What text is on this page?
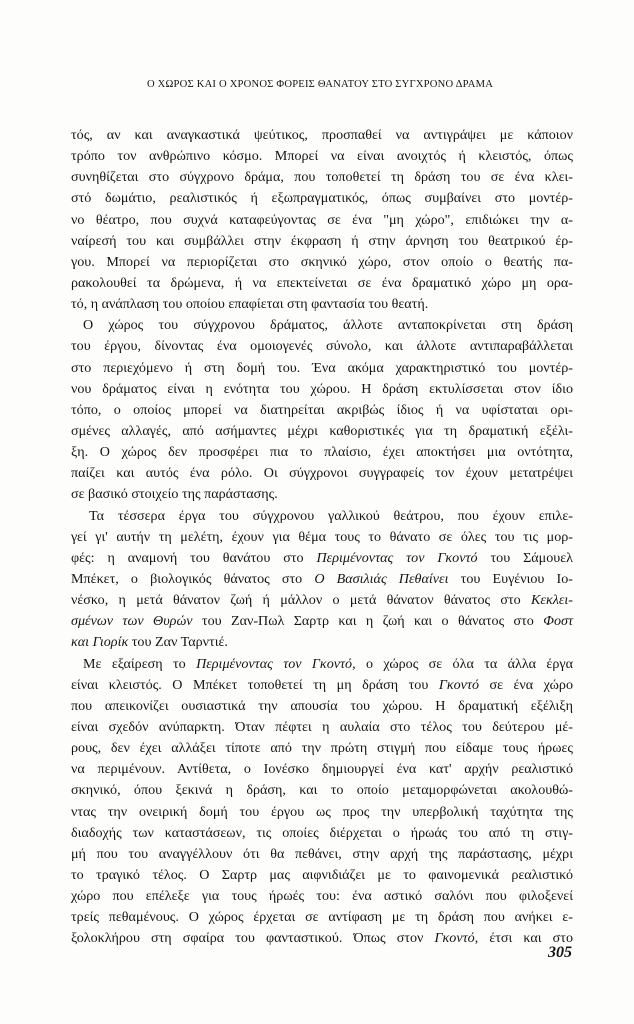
Ο ΧΩΡΟΣ ΚΑΙ Ο ΧΡΟΝΟΣ ΦΟΡΕΙΣ ΘΑΝΑΤΟΥ ΣΤΟ ΣΥΓΧΡΟΝΟ ΔΡΑΜΑ
τός, αν και αναγκαστικά ψεύτικος, προσπαθεί να αντιγράψει με κάποιον
τρόπο τον ανθρώπινο κόσμο. Μπορεί να είναι ανοιχτός ή κλειστός, όπως
συνηθίζεται στο σύγχρονο δράμα, που τοποθετεί τη δράση του σε ένα κλει-
στό δωμάτιο, ρεαλιστικός ή εξωπραγματικός, όπως συμβαίνει στο μοντέρ-
νο θέατρο, που συχνά καταφεύγοντας σε ένα "μη χώρο", επιδιώκει την α-
ναίρεσή του και συμβάλλει στην έκφραση ή στην άρνηση του θεατρικού έρ-
γου. Μπορεί να περιορίζεται στο σκηνικό χώρο, στον οποίο ο θεατής πα-
ρακολουθεί τα δρώμενα, ή να επεκτείνεται σε ένα δραματικό χώρο μη ορα-
τό, η ανάπλαση του οποίου επαφίεται στη φαντασία του θεατή.
Ο χώρος του σύγχρονου δράματος, άλλοτε ανταποκρίνεται στη δράση
του έργου, δίνοντας ένα ομοιογενές σύνολο, και άλλοτε αντιπαραβάλλεται
στο περιεχόμενο ή στη δομή του. Ένα ακόμα χαρακτηριστικό του μοντέρ-
νου δράματος είναι η ενότητα του χώρου. Η δράση εκτυλίσσεται στον ίδιο
τόπο, ο οποίος μπορεί να διατηρείται ακριβώς ίδιος ή να υφίσταται ορι-
σμένες αλλαγές, από ασήμαντες μέχρι καθοριστικές για τη δραματική εξέλι-
ξη. Ο χώρος δεν προσφέρει πια το πλαίσιο, έχει αποκτήσει μια οντότητα,
παίζει και αυτός ένα ρόλο. Οι σύγχρονοι συγγραφείς τον έχουν μετατρέψει
σε βασικό στοιχείο της παράστασης.
Τα τέσσερα έργα του σύγχρονου γαλλικού θεάτρου, που έχουν επιλε-
γεί γι' αυτήν τη μελέτη, έχουν για θέμα τους το θάνατο σε όλες του τις μορ-
φές: η αναμονή του θανάτου στο Περιμένοντας τον Γκοντό του Σάμουελ
Μπέκετ, ο βιολογικός θάνατος στο Ο Βασιλιάς Πεθαίνει του Ευγένιου Ιο-
νέσκο, η μετά θάνατον ζωή ή μάλλον ο μετά θάνατον θάνατος στο Κεκλει-
σμένων των Θυρών του Ζαν-Πωλ Σαρτρ και η ζωή και ο θάνατος στο Φοστ
και Γιορίκ του Ζαν Ταρντιέ.
Με εξαίρεση το Περιμένοντας τον Γκοντό, ο χώρος σε όλα τα άλλα έργα
είναι κλειστός. Ο Μπέκετ τοποθετεί τη μη δράση του Γκοντό σε ένα χώρο
που απεικονίζει ουσιαστικά την απουσία του χώρου. Η δραματική εξέλιξη
είναι σχεδόν ανύπαρκτη. Όταν πέφτει η αυλαία στο τέλος του δεύτερου μέ-
ρους, δεν έχει αλλάξει τίποτε από την πρώτη στιγμή που είδαμε τους ήρωες
να περιμένουν. Αντίθετα, ο Ιονέσκο δημιουργεί ένα κατ' αρχήν ρεαλιστικό
σκηνικό, όπου ξεκινά η δράση, και το οποίο μεταμορφώνεται ακολουθώ-
ντας την ονειρική δομή του έργου ως προς την υπερβολική ταχύτητα της
διαδοχής των καταστάσεων, τις οποίες διέρχεται ο ήρωάς του από τη στιγ-
μή που του αναγγέλλουν ότι θα πεθάνει, στην αρχή της παράστασης, μέχρι
το τραγικό τέλος. Ο Σαρτρ μας αιφνιδιάζει με το φαινομενικά ρεαλιστικό
χώρο που επέλεξε για τους ήρωές του: ένα αστικό σαλόνι που φιλοξενεί
τρείς πεθαμένους. Ο χώρος έρχεται σε αντίφαση με τη δράση που ανήκει ε-
ξολοκλήρου στη σφαίρα του φανταστικού. Όπως στον Γκοντό, έτσι και στο
305
